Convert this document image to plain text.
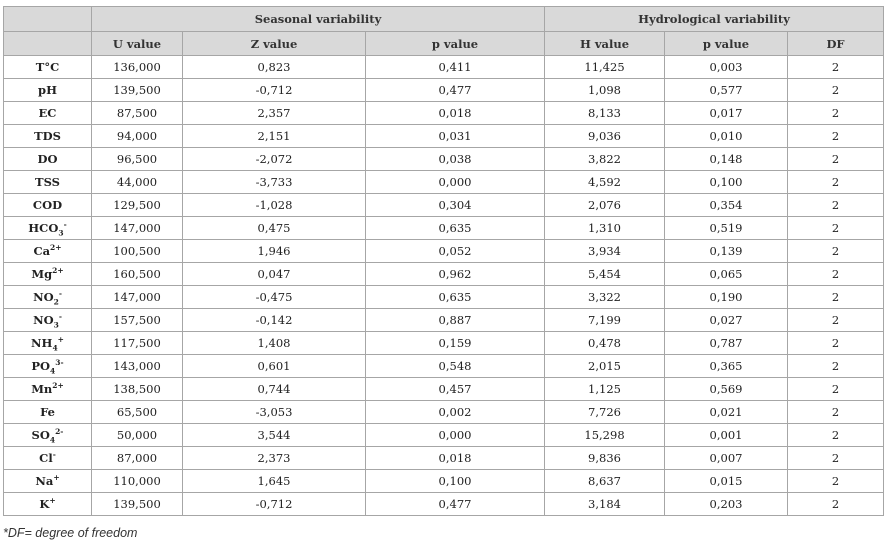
	Seasonal variability			Hydrological variability		
	U value	Z value	p value	H value	p value	DF
T°C	136,000	0,823	0,411	11,425	0,003	2
pH	139,500	-0,712	0,477	1,098	0,577	2
EC	87,500	2,357	0,018	8,133	0,017	2
TDS	94,000	2,151	0,031	9,036	0,010	2
DO	96,500	-2,072	0,038	3,822	0,148	2
TSS	44,000	-3,733	0,000	4,592	0,100	2
COD	129,500	-1,028	0,304	2,076	0,354	2
$HCO_3^-$	147,000	0,475	0,635	1,310	0,519	2
$Ca^{2+}$	100,500	1,946	0,052	3,934	0,139	2
$Mg^{2+}$	160,500	0,047	0,962	5,454	0,065	2
$NO_2^-$	147,000	-0,475	0,635	3,322	0,190	2
$NO_3^-$	157,500	-0,142	0,887	7,199	0,027	2
$NH_4^+$	117,500	1,408	0,159	0,478	0,787	2
$PO_4^{3-}$	143,000	0,601	0,548	2,015	0,365	2
$Mn^{2+}$	138,500	0,744	0,457	1,125	0,569	2
Fe	65,500	-3,053	0,002	7,726	0,021	2
$SO_4^{2-}$	50,000	3,544	0,000	15,298	0,001	2
Cl-	87,000	2,373	0,018	9,836	0,007	2
Na+	110,000	1,645	0,100	8,637	0,015	2
K+	139,500	-0,712	0,477	3,184	0,203	2
*DF= degree of freedom
